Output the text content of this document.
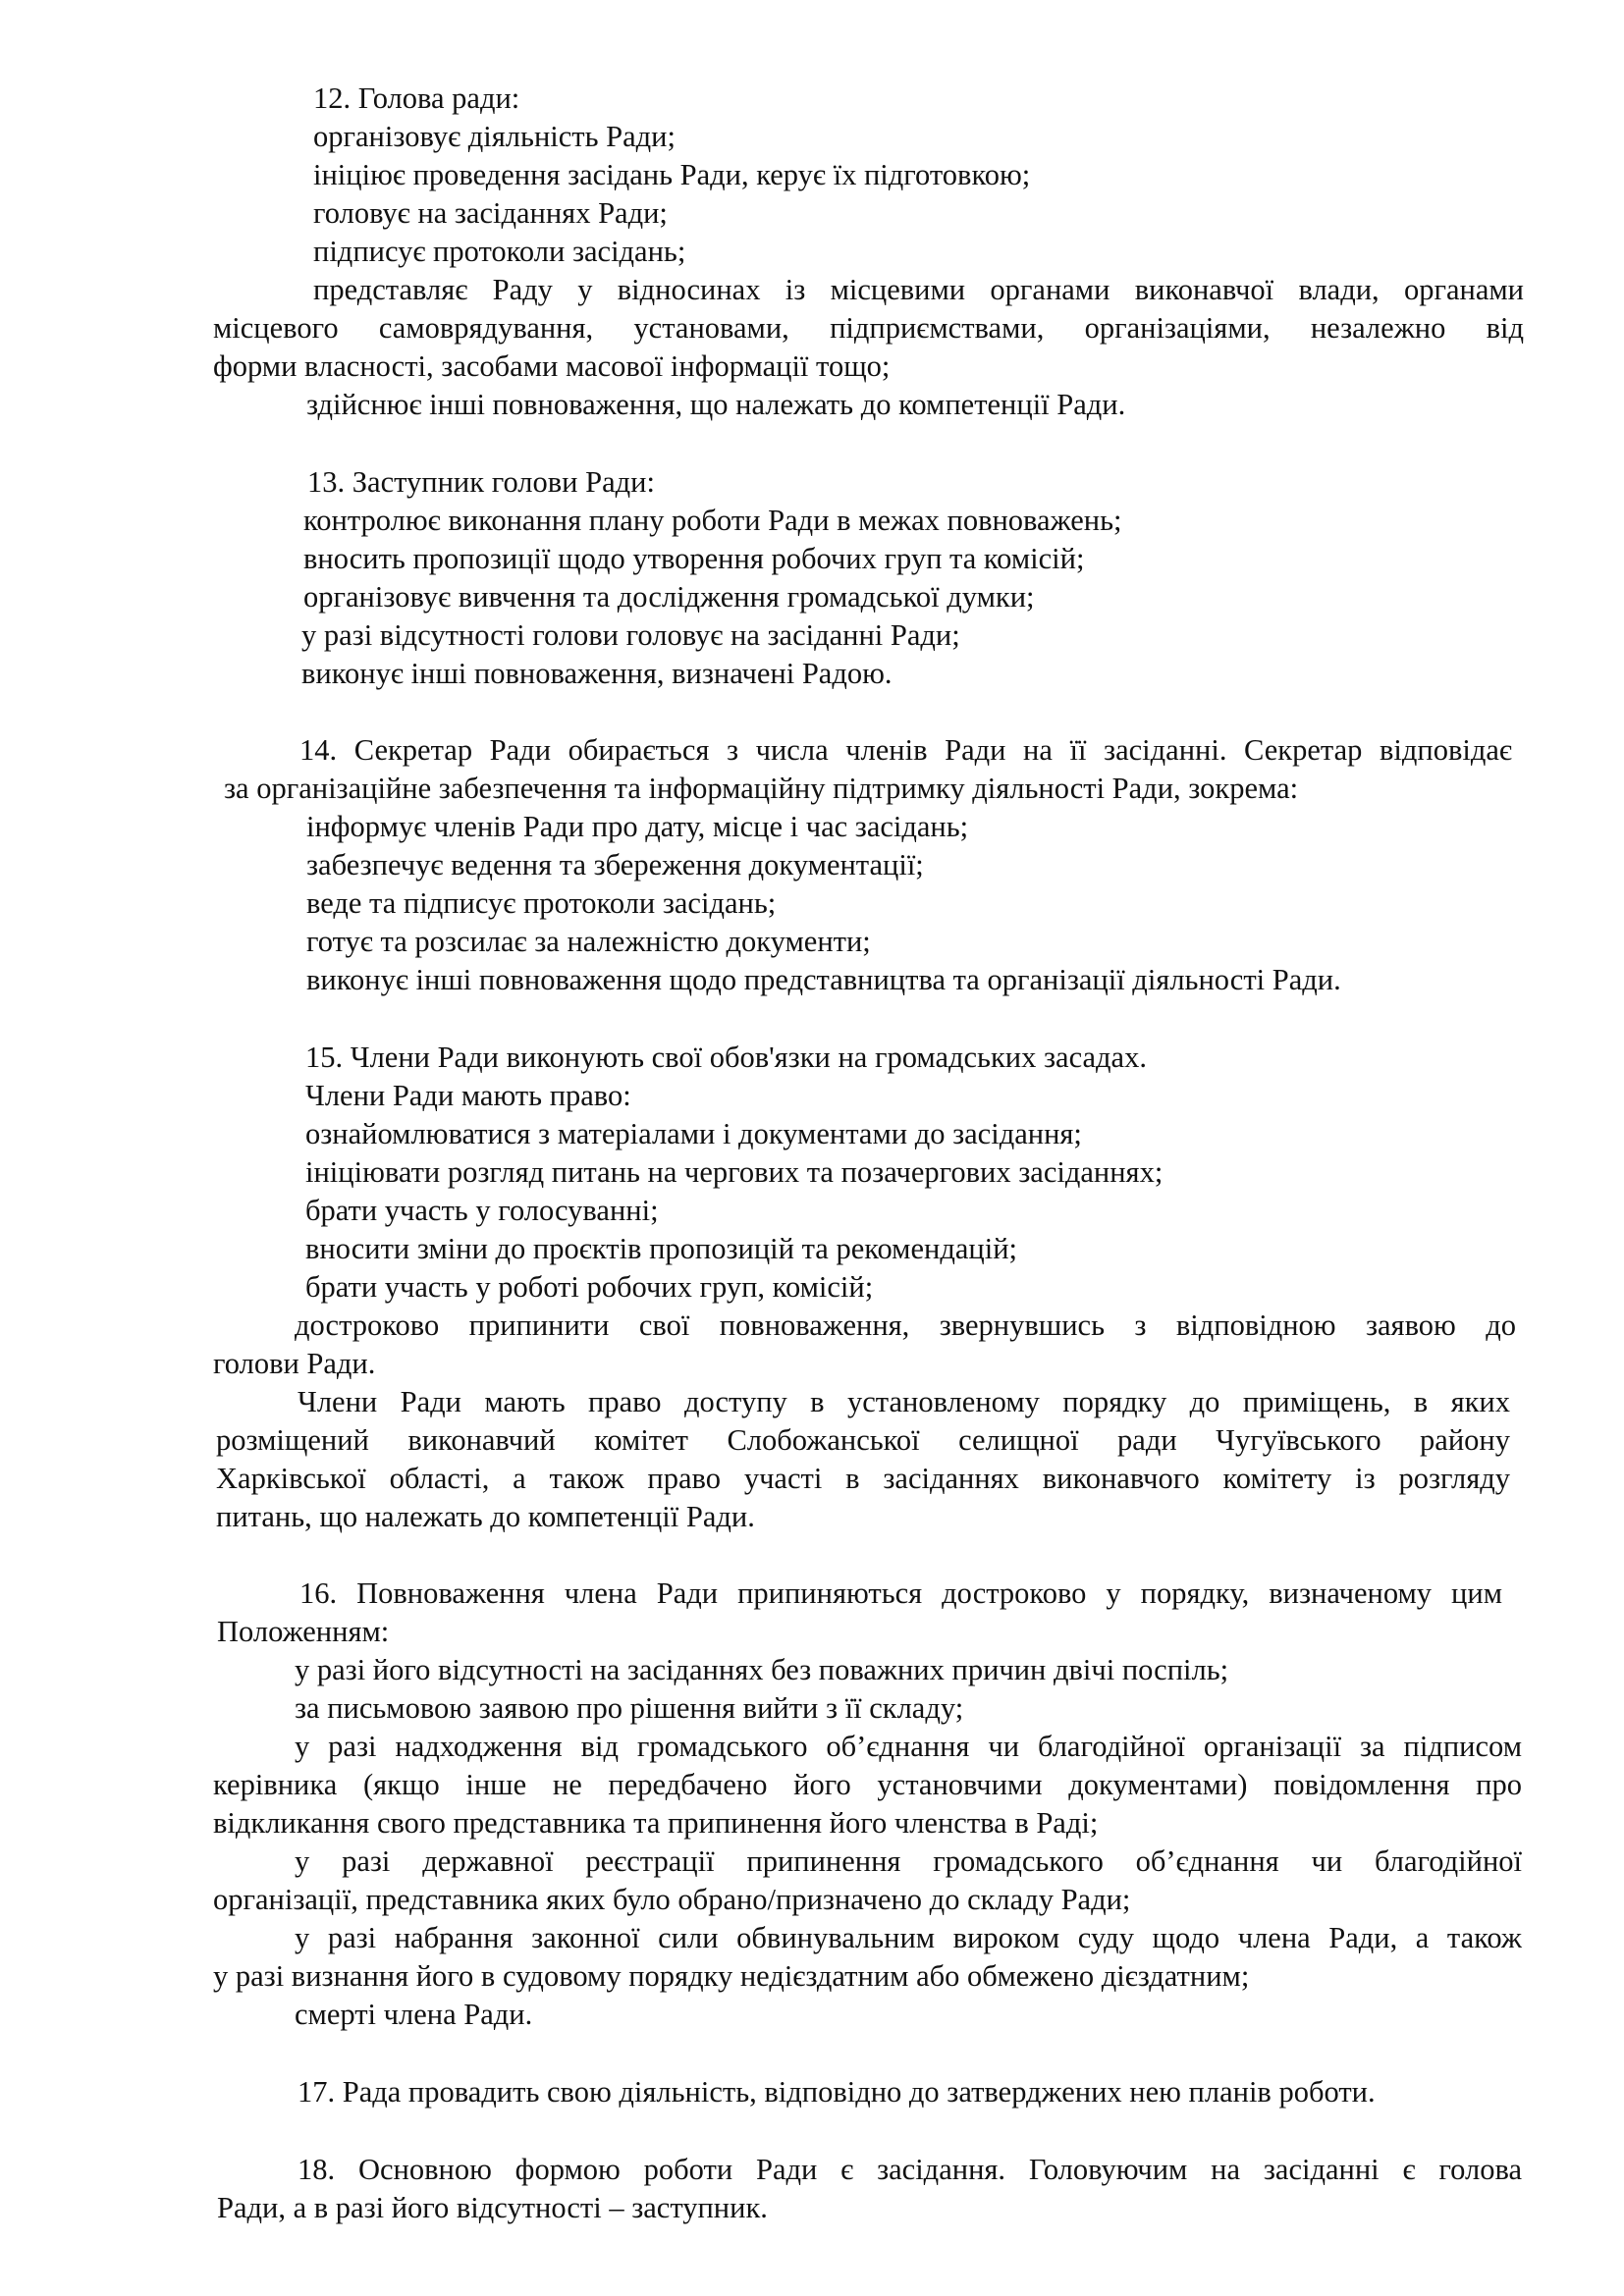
12. Голова ради:

організовує діяльність Ради;

ініціює проведення засідань Ради, керує їх підготовкою;

головує на засіданнях Ради;

підписує протоколи засідань;

представляє Раду у відносинах із місцевими органами виконавчої влади, органами

місцевого самоврядування, установами, підприємствами, організаціями, незалежно від

форми власності, засобами масової інформації тощо;

здійснює інші повноваження, що належать до компетенції Ради.

13. Заступник голови Ради:

контролює виконання плану роботи Ради в межах повноважень;

вносить пропозиції щодо утворення робочих груп та комісій;

організовує вивчення та дослідження громадської думки;

у разі відсутності голови головує на засіданні Ради;

виконує інші повноваження, визначені Радою.

14. Секретар Ради обирається з числа членів Ради на її засіданні. Секретар відповідає

за організаційне забезпечення та інформаційну підтримку діяльності Ради, зокрема:

інформує членів Ради про дату, місце і час засідань;

забезпечує ведення та збереження документації;

веде та підписує протоколи засідань;

готує та розсилає за належністю документи;

виконує інші повноваження щодо представництва та організації діяльності Ради.

15. Члени Ради виконують свої обов'язки на громадських засадах.

Члени Ради мають право:

ознайомлюватися з матеріалами і документами до засідання;

ініціювати розгляд питань на чергових та позачергових засіданнях;

брати участь у голосуванні;

вносити зміни до проєктів пропозицій та рекомендацій;

брати участь у роботі робочих груп, комісій;

достроково припинити свої повноваження, звернувшись з відповідною заявою до

голови Ради.

Члени Ради мають право доступу в установленому порядку до приміщень, в яких

розміщений виконавчий комітет Слобожанської селищної ради Чугуївського району

Харківської області, а також право участі в засіданнях виконавчого комітету із розгляду

питань, що належать до компетенції Ради.

16. Повноваження члена Ради припиняються достроково у порядку, визначеному цим

Положенням:

у разі його відсутності на засіданнях без поважних причин двічі поспіль;

за письмовою заявою про рішення вийти з її складу;

у разі надходження від громадського об’єднання чи благодійної організації за підписом

керівника (якщо інше не передбачено його установчими документами) повідомлення про

відкликання свого представника та припинення його членства в Раді;

у разі державної реєстрації припинення громадського об’єднання чи благодійної

організації, представника яких було обрано/призначено до складу Ради;

у разі набрання законної сили обвинувальним вироком суду щодо члена Ради, а також

у разі визнання його в судовому порядку недієздатним або обмежено дієздатним;

смерті члена Ради.

17. Рада провадить свою діяльність, відповідно до затверджених нею планів роботи.

18. Основною формою роботи Ради є засідання. Головуючим на засіданні є голова

Ради, а в разі його відсутності – заступник.
